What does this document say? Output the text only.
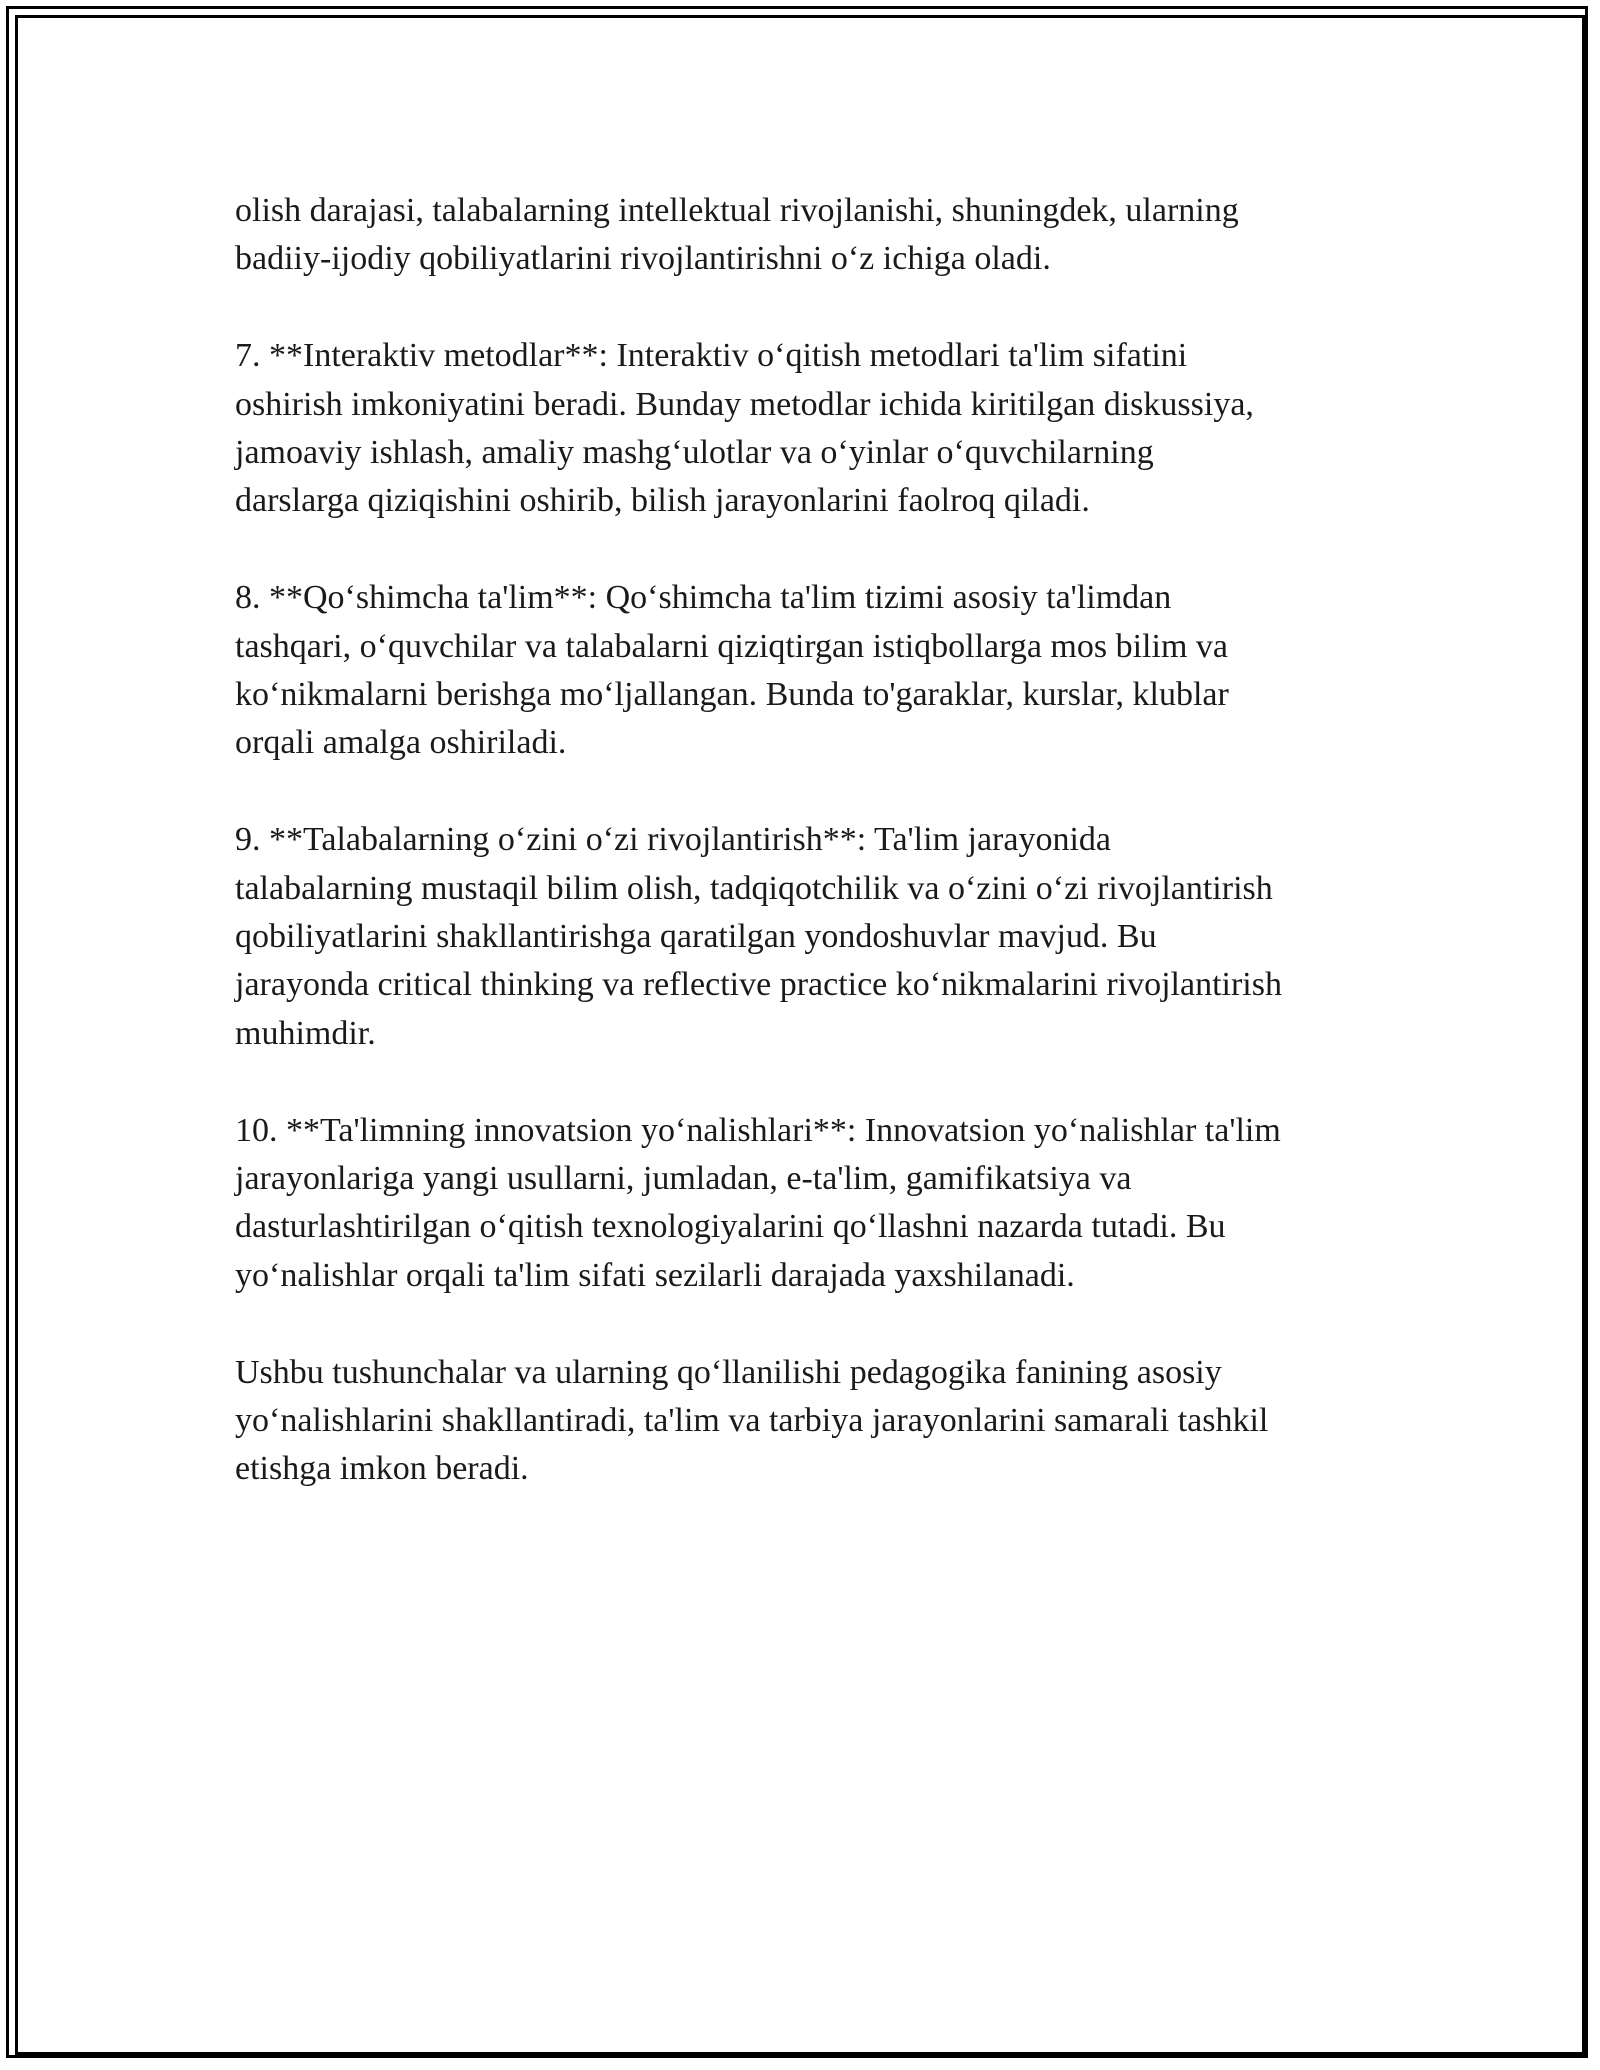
olish darajasi, talabalarning intellektual rivojlanishi, shuningdek, ularning
badiiy-ijodiy qobiliyatlarini rivojlantirishni o‘z ichiga oladi.

7. **Interaktiv metodlar**: Interaktiv o‘qitish metodlari ta'lim sifatini
oshirish imkoniyatini beradi. Bunday metodlar ichida kiritilgan diskussiya,
jamoaviy ishlash, amaliy mashg‘ulotlar va o‘yinlar o‘quvchilarning
darslarga qiziqishini oshirib, bilish jarayonlarini faolroq qiladi.

8. **Qo‘shimcha ta'lim**: Qo‘shimcha ta'lim tizimi asosiy ta'limdan
tashqari, o‘quvchilar va talabalarni qiziqtirgan istiqbollarga mos bilim va
ko‘nikmalarni berishga mo‘ljallangan. Bunda to'garaklar, kurslar, klublar
orqali amalga oshiriladi.

9. **Talabalarning o‘zini o‘zi rivojlantirish**: Ta'lim jarayonida
talabalarning mustaqil bilim olish, tadqiqotchilik va o‘zini o‘zi rivojlantirish
qobiliyatlarini shakllantirishga qaratilgan yondoshuvlar mavjud. Bu
jarayonda critical thinking va reflective practice ko‘nikmalarini rivojlantirish
muhimdir.

10. **Ta'limning innovatsion yo‘nalishlari**: Innovatsion yo‘nalishlar ta'lim
jarayonlariga yangi usullarni, jumladan, e-ta'lim, gamifikatsiya va
dasturlashtirilgan o‘qitish texnologiyalarini qo‘llashni nazarda tutadi. Bu
yo‘nalishlar orqali ta'lim sifati sezilarli darajada yaxshilanadi.

Ushbu tushunchalar va ularning qo‘llanilishi pedagogika fanining asosiy
yo‘nalishlarini shakllantiradi, ta'lim va tarbiya jarayonlarini samarali tashkil
etishga imkon beradi.
